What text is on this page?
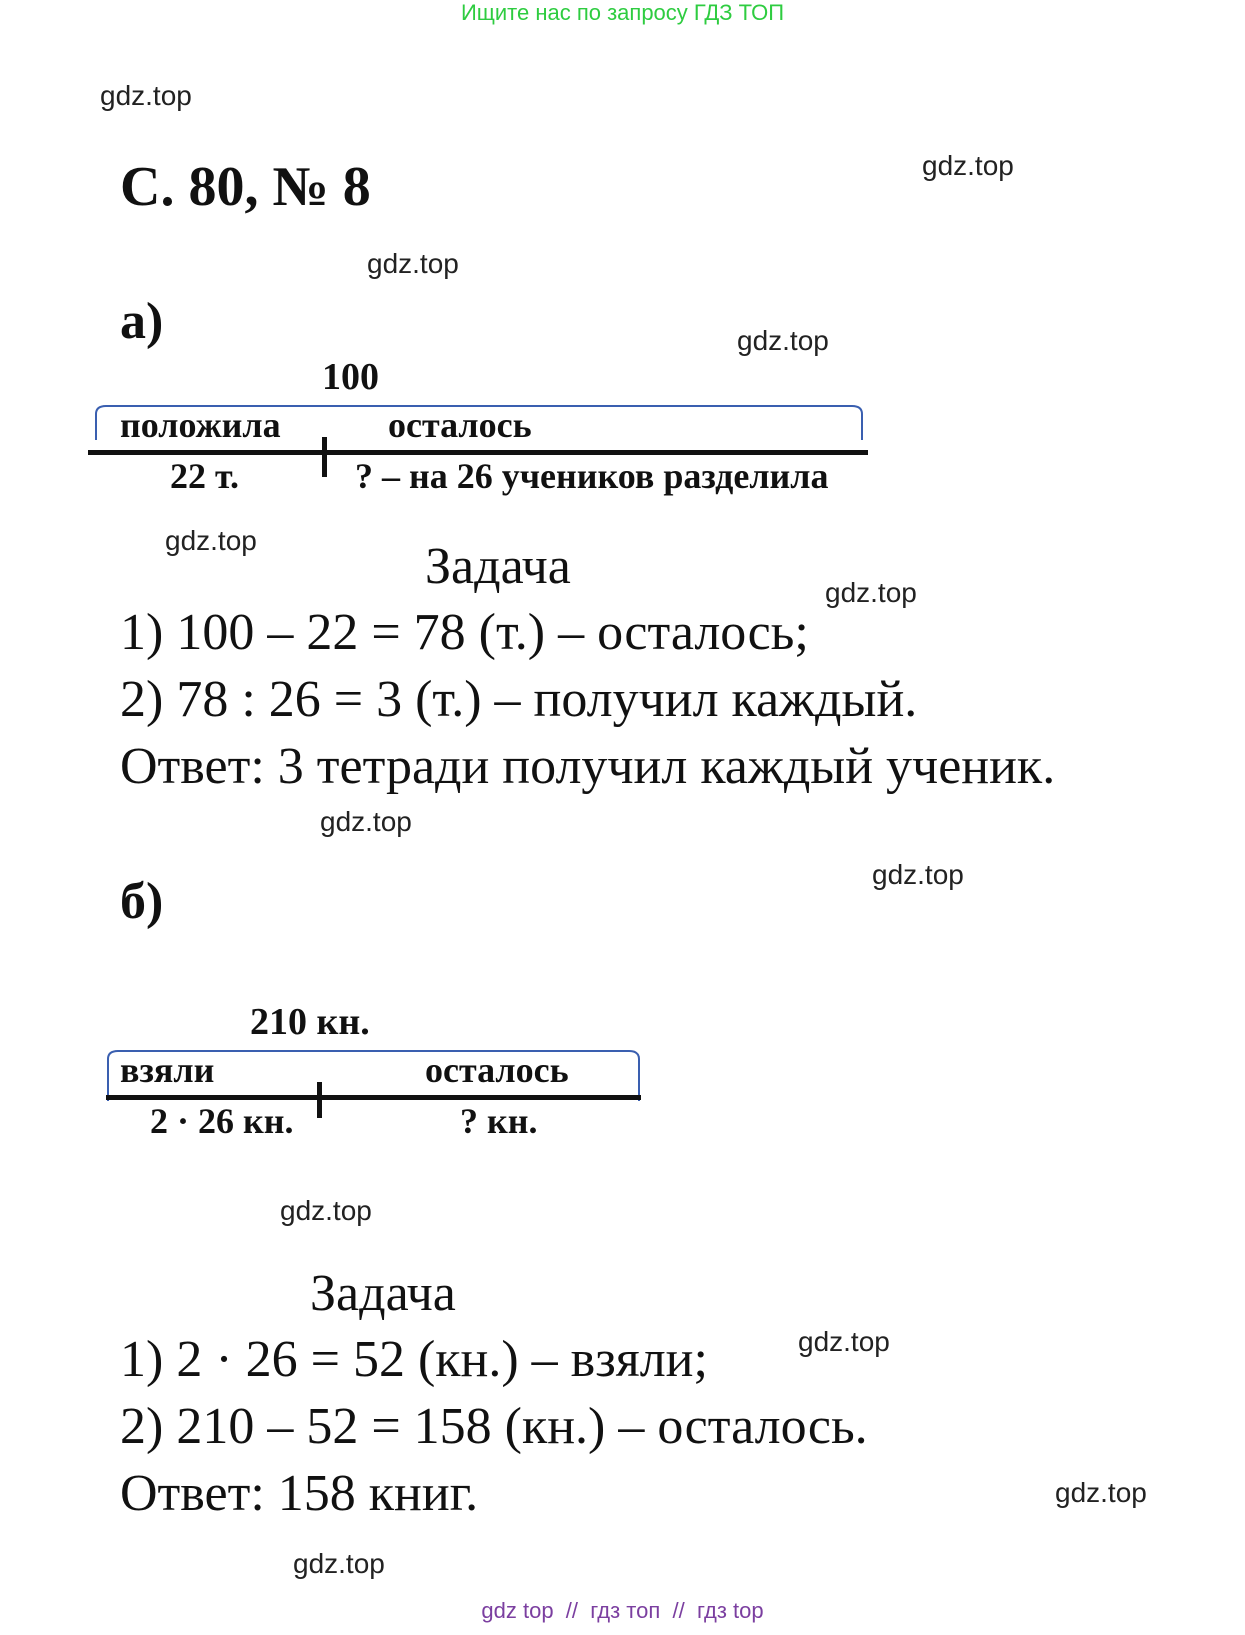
Ищите нас по запросу ГДЗ ТОП
gdz.top
gdz.top
gdz.top
gdz.top
gdz.top
gdz.top
gdz.top
gdz.top
gdz.top
gdz.top
gdz.top
gdz.top
С. 80, № 8
а)
100
положила	осталось
22 т.	? – на 26 учеников разделила
Задача
1) 100 – 22 = 78 (т.) – осталось;
2) 78 : 26 = 3 (т.) – получил каждый.
Ответ: 3 тетради получил каждый ученик.
б)
210 кн.
взяли	осталось
2 · 26 кн.	? кн.
Задача
1) 2 · 26 = 52 (кн.) – взяли;
2) 210 – 52 = 158 (кн.) – осталось.
Ответ: 158 книг.
gdz top  //  гдз топ  //  гдз top
